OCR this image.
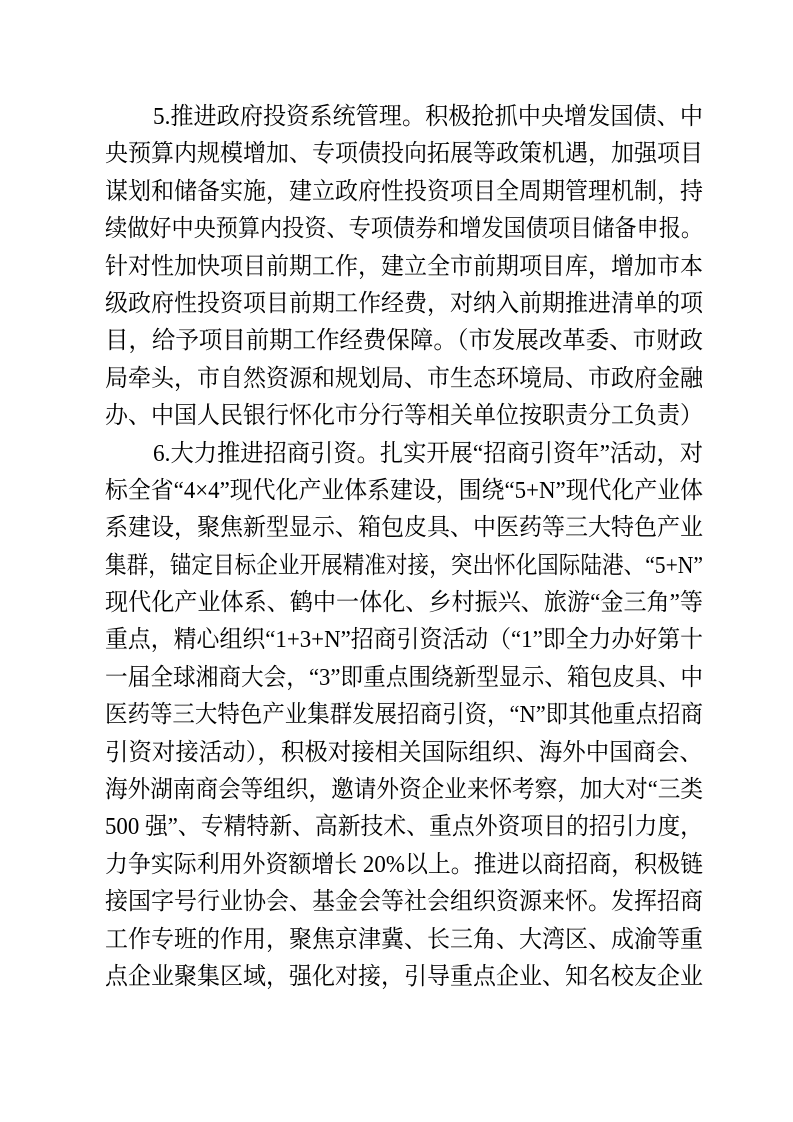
5.推进政府投资系统管理。积极抢抓中央增发国债、中
央预算内规模增加、专项债投向拓展等政策机遇，加强项目
谋划和储备实施，建立政府性投资项目全周期管理机制，持
续做好中央预算内投资、专项债券和增发国债项目储备申报。
针对性加快项目前期工作，建立全市前期项目库，增加市本
级政府性投资项目前期工作经费，对纳入前期推进清单的项
目，给予项目前期工作经费保障。（市发展改革委、市财政
局牵头，市自然资源和规划局、市生态环境局、市政府金融
办、中国人民银行怀化市分行等相关单位按职责分工负责）
6.大力推进招商引资。扎实开展“招商引资年”活动，对
标全省“4×4”现代化产业体系建设，围绕“5+N”现代化产业体
系建设，聚焦新型显示、箱包皮具、中医药等三大特色产业
集群，锚定目标企业开展精准对接，突出怀化国际陆港、“5+N”
现代化产业体系、鹤中一体化、乡村振兴、旅游“金三角”等
重点，精心组织“1+3+N”招商引资活动（“1”即全力办好第十
一届全球湘商大会，“3”即重点围绕新型显示、箱包皮具、中
医药等三大特色产业集群发展招商引资，“N”即其他重点招商
引资对接活动），积极对接相关国际组织、海外中国商会、
海外湖南商会等组织，邀请外资企业来怀考察，加大对“三类
500 强”、专精特新、高新技术、重点外资项目的招引力度，
力争实际利用外资额增长 20%以上。推进以商招商，积极链
接国字号行业协会、基金会等社会组织资源来怀。发挥招商
工作专班的作用，聚焦京津冀、长三角、大湾区、成渝等重
点企业聚集区域，强化对接，引导重点企业、知名校友企业
